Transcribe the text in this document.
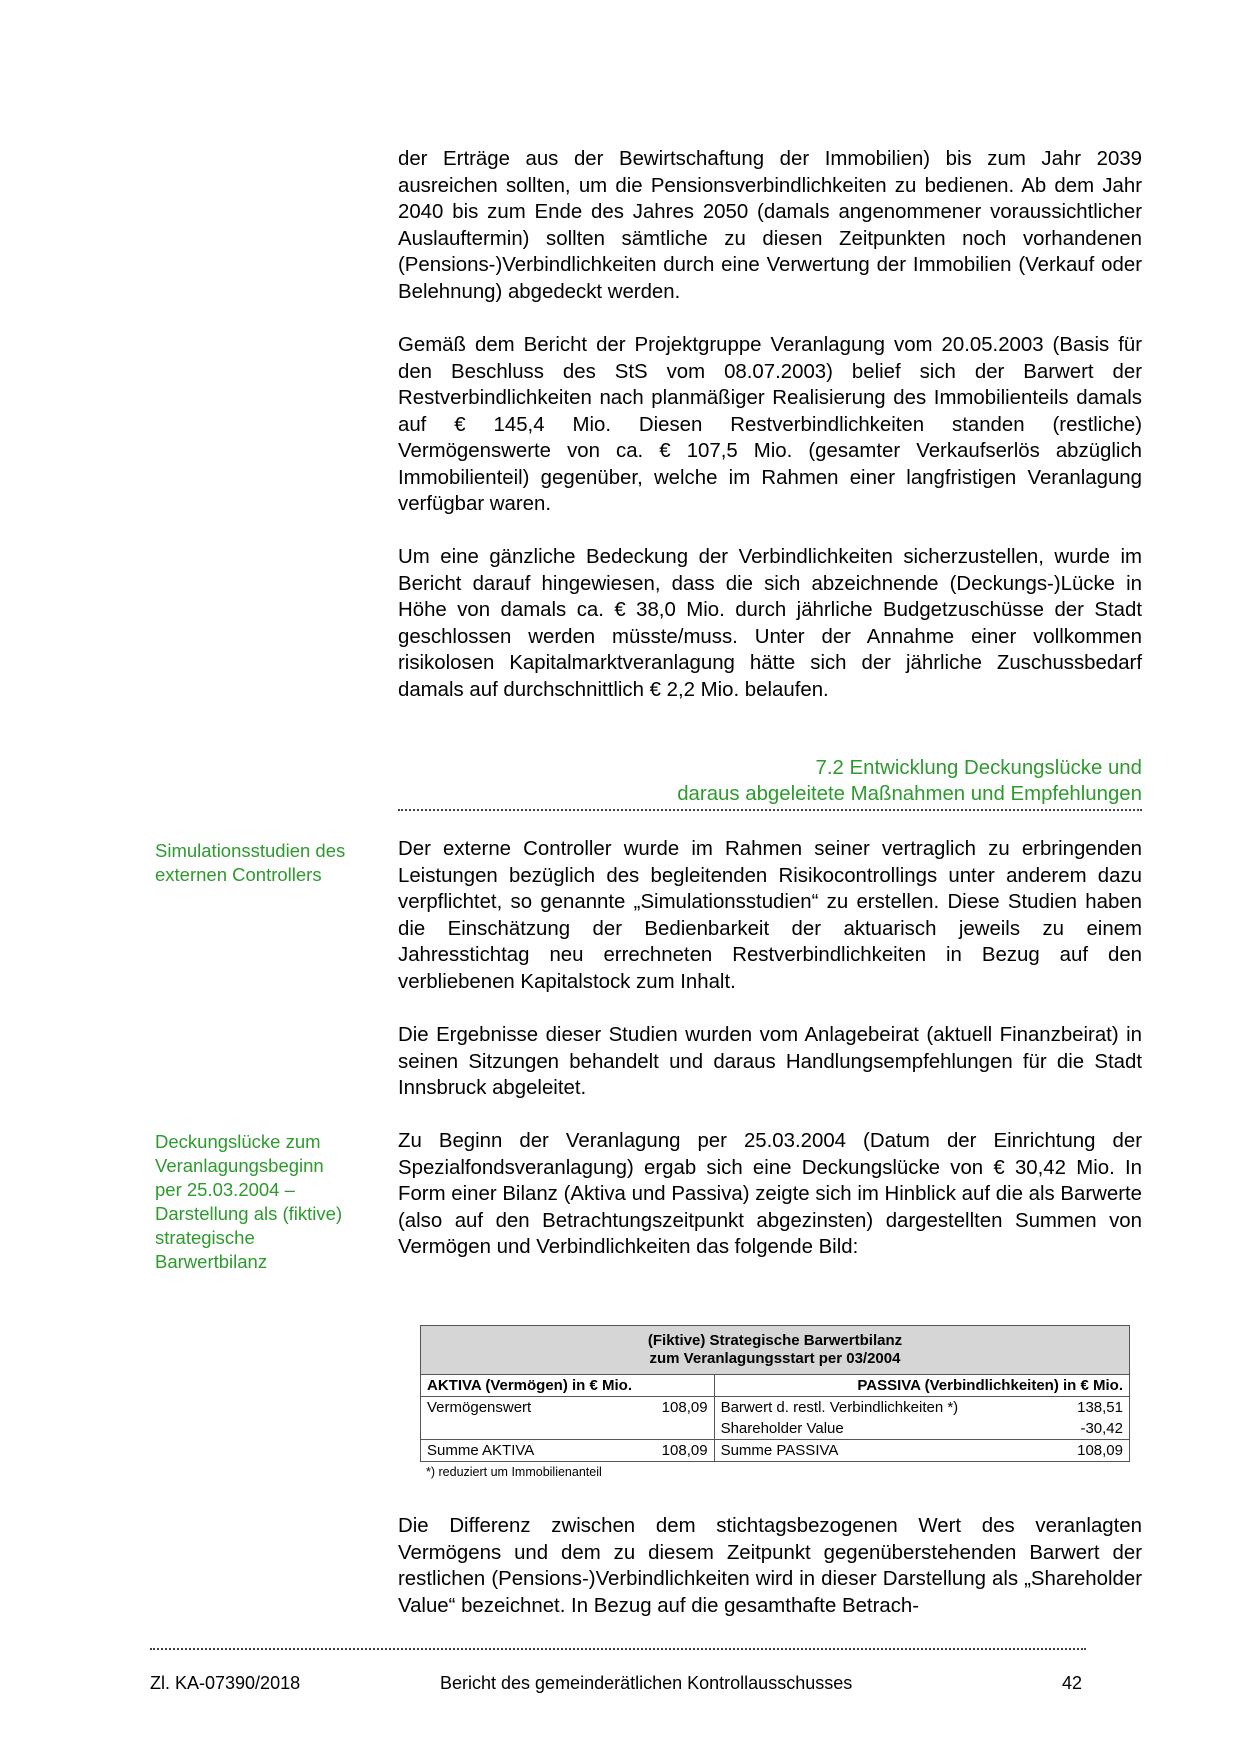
der Erträge aus der Bewirtschaftung der Immobilien) bis zum Jahr 2039 ausreichen sollten, um die Pensionsverbindlichkeiten zu bedienen. Ab dem Jahr 2040 bis zum Ende des Jahres 2050 (damals angenommener voraussichtlicher Auslauftermin) sollten sämtliche zu diesen Zeitpunkten noch vorhandenen (Pensions-)Verbindlichkeiten durch eine Verwertung der Immobilien (Verkauf oder Belehnung) abgedeckt werden.

Gemäß dem Bericht der Projektgruppe Veranlagung vom 20.05.2003 (Basis für den Beschluss des StS vom 08.07.2003) belief sich der Barwert der Restverbindlichkeiten nach planmäßiger Realisierung des Immobilienteils damals auf € 145,4 Mio. Diesen Restverbindlichkeiten standen (restliche) Vermögenswerte von ca. € 107,5 Mio. (gesamter Verkaufserlös abzüglich Immobilienteil) gegenüber, welche im Rahmen einer langfristigen Veranlagung verfügbar waren.

Um eine gänzliche Bedeckung der Verbindlichkeiten sicherzustellen, wurde im Bericht darauf hingewiesen, dass die sich abzeichnende (Deckungs-)Lücke in Höhe von damals ca. € 38,0 Mio. durch jährliche Budgetzuschüsse der Stadt geschlossen werden müsste/muss. Unter der Annahme einer vollkommen risikolosen Kapitalmarktveranlagung hätte sich der jährliche Zuschussbedarf damals auf durchschnittlich € 2,2 Mio. belaufen.

7.2 Entwicklung Deckungslücke und
daraus abgeleitete Maßnahmen und Empfehlungen
Simulationsstudien des externen Controllers
Deckungslücke zum Veranlagungsbeginn per 25.03.2004 – Darstellung als (fiktive) strategische Barwertbilanz

Der externe Controller wurde im Rahmen seiner vertraglich zu erbringenden Leistungen bezüglich des begleitenden Risikocontrollings unter anderem dazu verpflichtet, so genannte „Simulationsstudien“ zu erstellen. Diese Studien haben die Einschätzung der Bedienbarkeit der aktuarisch jeweils zu einem Jahresstichtag neu errechneten Restverbindlichkeiten in Bezug auf den verbliebenen Kapitalstock zum Inhalt.

Die Ergebnisse dieser Studien wurden vom Anlagebeirat (aktuell Finanzbeirat) in seinen Sitzungen behandelt und daraus Handlungsempfehlungen für die Stadt Innsbruck abgeleitet.

Zu Beginn der Veranlagung per 25.03.2004 (Datum der Einrichtung der Spezialfondsveranlagung) ergab sich eine Deckungslücke von € 30,42 Mio. In Form einer Bilanz (Aktiva und Passiva) zeigte sich im Hinblick auf die als Barwerte (also auf den Betrachtungszeitpunkt abgezinsten) dargestellten Summen von Vermögen und Verbindlichkeiten das folgende Bild:

(Fiktive) Strategische Barwertbilanz
zum Veranlagungsstart per 03/2004			

AKTIVA (Vermögen) in € Mio.		PASSIVA (Verbindlichkeiten) in € Mio.	
Vermögenswert	108,09	Barwert d. restl. Verbindlichkeiten *)	138,51
		Shareholder Value	-30,42
Summe AKTIVA	108,09	Summe PASSIVA	108,09
*) reduziert um Immobilienanteil

Die Differenz zwischen dem stichtagsbezogenen Wert des veranlagten Vermögens und dem zu diesem Zeitpunkt gegenüberstehenden Barwert der restlichen (Pensions-)Verbindlichkeiten wird in dieser Darstellung als „Shareholder Value“ bezeichnet. In Bezug auf die gesamthafte Betrach-

Zl. KA-07390/2018	Bericht des gemeinderätlichen Kontrollausschusses	42
